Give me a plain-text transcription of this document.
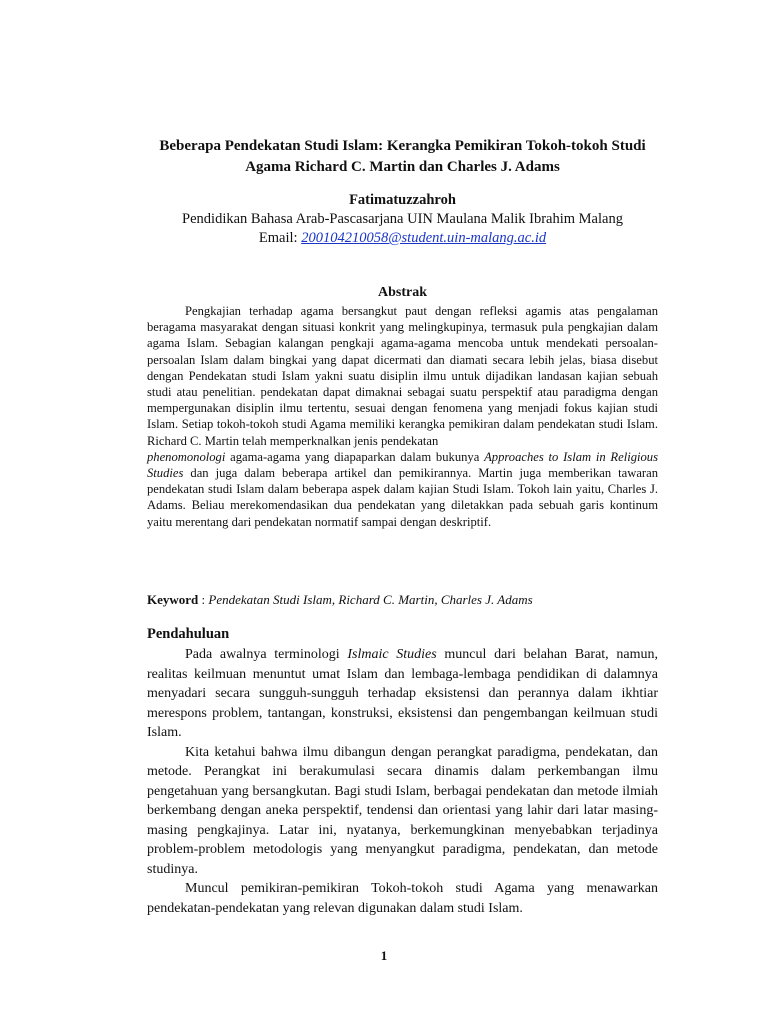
Beberapa Pendekatan Studi Islam: Kerangka Pemikiran Tokoh-tokoh Studi
Agama Richard C. Martin dan Charles J. Adams
Fatimatuzzahroh
Pendidikan Bahasa Arab-Pascasarjana UIN Maulana Malik Ibrahim Malang
Email: 200104210058@student.uin-malang.ac.id
Abstrak

Pengkajian terhadap agama bersangkut paut dengan refleksi agamis atas pengalaman beragama masyarakat dengan situasi konkrit yang melingkupinya, termasuk pula pengkajian dalam agama Islam. Sebagian kalangan pengkaji agama-agama mencoba untuk mendekati persoalan-persoalan Islam dalam bingkai yang dapat dicermati dan diamati secara lebih jelas, biasa disebut dengan Pendekatan studi Islam yakni suatu disiplin ilmu untuk dijadikan landasan kajian sebuah studi atau penelitian. pendekatan dapat dimaknai sebagai suatu perspektif atau paradigma dengan mempergunakan disiplin ilmu tertentu, sesuai dengan fenomena yang menjadi fokus kajian studi Islam. Setiap tokoh-tokoh studi Agama memiliki kerangka pemikiran dalam pendekatan studi Islam. Richard C. Martin telah memperknalkan jenis pendekatan
phenomonologi agama-agama yang diapaparkan dalam bukunya Approaches to Islam in Religious Studies dan juga dalam beberapa artikel dan pemikirannya. Martin juga memberikan tawaran pendekatan studi Islam dalam beberapa aspek dalam kajian Studi Islam. Tokoh lain yaitu, Charles J. Adams. Beliau merekomendasikan dua pendekatan yang diletakkan pada sebuah garis kontinum yaitu merentang dari pendekatan normatif sampai dengan deskriptif.

Keyword : Pendekatan Studi Islam, Richard C. Martin, Charles J. Adams
Pendahuluan

Pada awalnya terminologi Islmaic Studies muncul dari belahan Barat, namun, realitas keilmuan menuntut umat Islam dan lembaga-lembaga pendidikan di dalamnya menyadari secara sungguh-sungguh terhadap eksistensi dan perannya dalam ikhtiar merespons problem, tantangan, konstruksi, eksistensi dan pengembangan keilmuan studi Islam.

Kita ketahui bahwa ilmu dibangun dengan perangkat paradigma, pendekatan, dan metode. Perangkat ini berakumulasi secara dinamis dalam perkembangan ilmu pengetahuan yang bersangkutan. Bagi studi Islam, berbagai pendekatan dan metode ilmiah berkembang dengan aneka perspektif, tendensi dan orientasi yang lahir dari latar masing-masing pengkajinya. Latar ini, nyatanya, berkemungkinan menyebabkan terjadinya problem-problem metodologis yang menyangkut paradigma, pendekatan, dan metode studinya.

Muncul pemikiran-pemikiran Tokoh-tokoh studi Agama yang menawarkan pendekatan-pendekatan yang relevan digunakan dalam studi Islam.

1
